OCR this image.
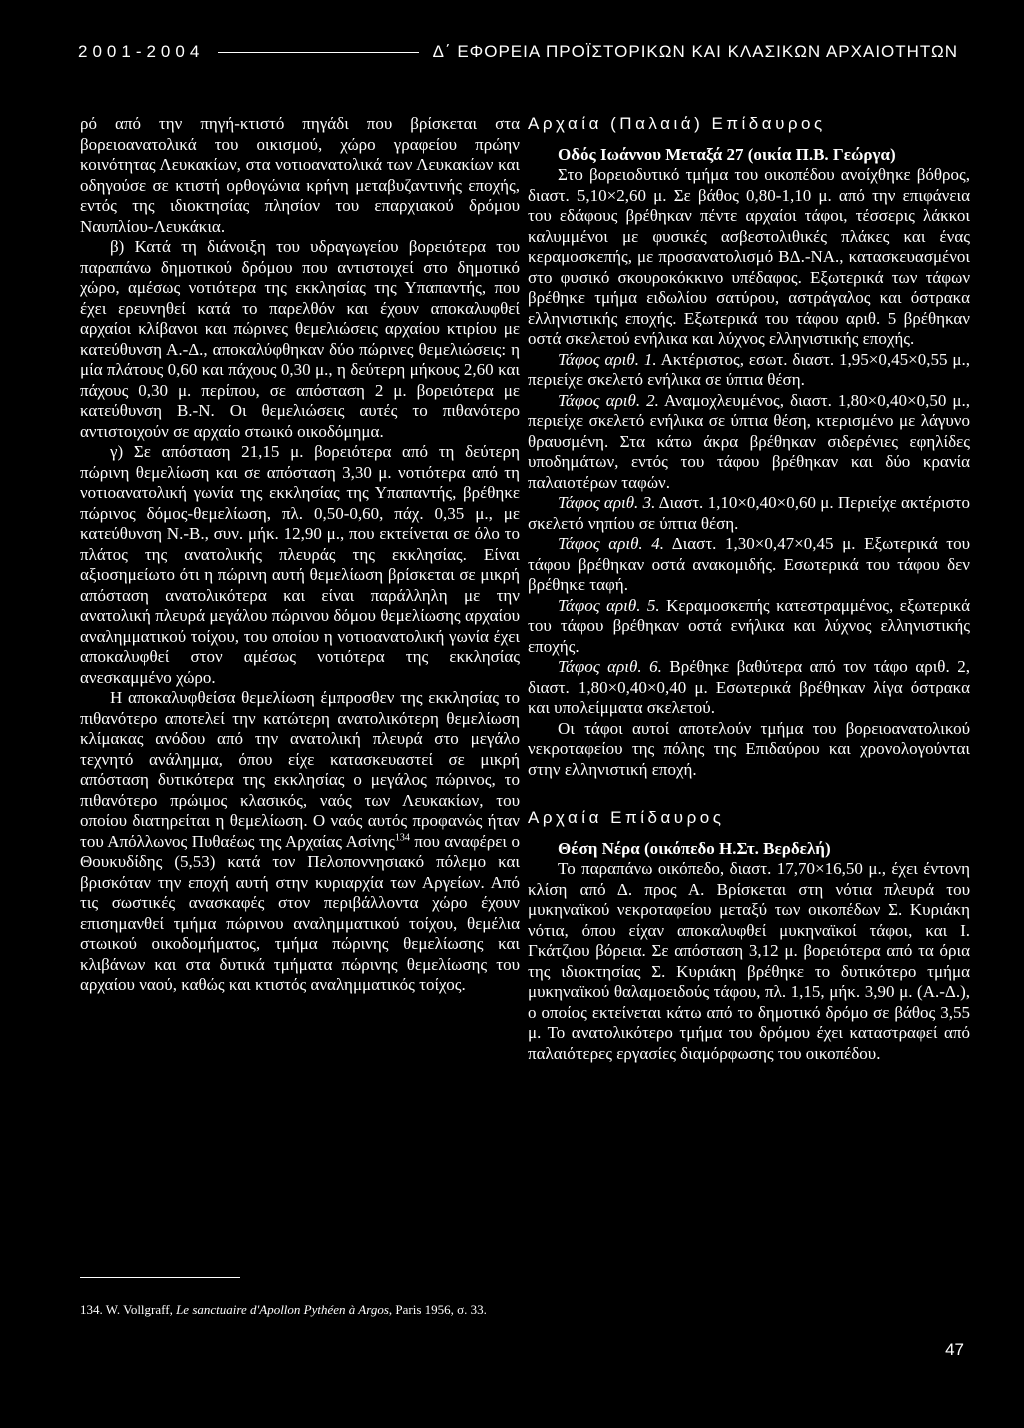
2001-2004	Δ΄ ΕΦΟΡΕΙΑ ΠΡΟΪΣΤΟΡΙΚΩΝ ΚΑΙ ΚΛΑΣΙΚΩΝ ΑΡΧΑΙΟΤΗΤΩΝ

ρό από την πηγή-κτιστό πηγάδι που βρίσκεται στα βορειοανατολικά του οικισμού, χώρο γραφείου πρώην κοινότητας Λευκακίων, στα νοτιοανατολικά των Λευκακίων και οδηγούσε σε κτιστή ορθογώνια κρήνη μεταβυζαντινής εποχής, εντός της ιδιοκτησίας πλησίον του επαρχιακού δρόμου Ναυπλίου-Λευκάκια.

β) Κατά τη διάνοιξη του υδραγωγείου βορειότερα του παραπάνω δημοτικού δρόμου που αντιστοιχεί στο δημοτικό χώρο, αμέσως νοτιότερα της εκκλησίας της Υπαπαντής, που έχει ερευνηθεί κατά το παρελθόν και έχουν αποκαλυφθεί αρχαίοι κλίβανοι και πώρινες θεμελιώσεις αρχαίου κτιρίου με κατεύθυνση Α.-Δ., αποκαλύφθηκαν δύο πώρινες θεμελιώσεις: η μία πλάτους 0,60 και πάχους 0,30 μ., η δεύτερη μήκους 2,60 και πάχους 0,30 μ. περίπου, σε απόσταση 2 μ. βορειότερα με κατεύθυνση Β.-Ν. Οι θεμελιώσεις αυτές το πιθανότερο αντιστοιχούν σε αρχαίο στωικό οικοδόμημα.

γ) Σε απόσταση 21,15 μ. βορειότερα από τη δεύτερη πώρινη θεμελίωση και σε απόσταση 3,30 μ. νοτιότερα από τη νοτιοανατολική γωνία της εκκλησίας της Υπαπαντής, βρέθηκε πώρινος δόμος-θεμελίωση, πλ. 0,50-0,60, πάχ. 0,35 μ., με κατεύθυνση Ν.-Β., συν. μήκ. 12,90 μ., που εκτείνεται σε όλο το πλάτος της ανατολικής πλευράς της εκκλησίας. Είναι αξιοσημείωτο ότι η πώρινη αυτή θεμελίωση βρίσκεται σε μικρή απόσταση ανατολικότερα και είναι παράλληλη με την ανατολική πλευρά μεγάλου πώρινου δόμου θεμελίωσης αρχαίου αναλημματικού τοίχου, του οποίου η νοτιοανατολική γωνία έχει αποκαλυφθεί στον αμέσως νοτιότερα της εκκλησίας ανεσκαμμένο χώρο.

Η αποκαλυφθείσα θεμελίωση έμπροσθεν της εκκλησίας το πιθανότερο αποτελεί την κατώτερη ανατολικότερη θεμελίωση κλίμακας ανόδου από την ανατολική πλευρά στο μεγάλο τεχνητό ανάλημμα, όπου είχε κατασκευαστεί σε μικρή απόσταση δυτικότερα της εκκλησίας ο μεγάλος πώρινος, το πιθανότερο πρώιμος κλασικός, ναός των Λευκακίων, του οποίου διατηρείται η θεμελίωση. Ο ναός αυτός προφανώς ήταν του Απόλλωνος Πυθαέως της Αρχαίας Ασίνης$^{134}$ που αναφέρει ο Θουκυδίδης (5,53) κατά τον Πελοποννησιακό πόλεμο και βρισκόταν την εποχή αυτή στην κυριαρχία των Αργείων. Από τις σωστικές ανασκαφές στον περιβάλλοντα χώρο έχουν επισημανθεί τμήμα πώρινου αναλημματικού τοίχου, θεμέλια στωικού οικοδομήματος, τμήμα πώρινης θεμελίωσης και κλιβάνων και στα δυτικά τμήματα πώρινης θεμελίωσης του αρχαίου ναού, καθώς και κτιστός αναλημματικός τοίχος.

134. W. Vollgraff, Le sanctuaire d'Apollon Pythéen à Argos, Paris 1956, σ. 33.
Αρχαία (Παλαιά) Επίδαυρος

Οδός Ιωάννου Μεταξά 27 (οικία Π.Β. Γεώργα)

Στο βορειοδυτικό τμήμα του οικοπέδου ανοίχθηκε βόθρος, διαστ. 5,10×2,60 μ. Σε βάθος 0,80-1,10 μ. από την επιφάνεια του εδάφους βρέθηκαν πέντε αρχαίοι τάφοι, τέσσερις λάκκοι καλυμμένοι με φυσικές ασβεστολιθικές πλάκες και ένας κεραμοσκεπής, με προσανατολισμό ΒΔ.-ΝΑ., κατασκευασμένοι στο φυσικό σκουροκόκκινο υπέδαφος. Εξωτερικά των τάφων βρέθηκε τμήμα ειδωλίου σατύρου, αστράγαλος και όστρακα ελληνιστικής εποχής. Εξωτερικά του τάφου αριθ. 5 βρέθηκαν οστά σκελετού ενήλικα και λύχνος ελληνιστικής εποχής.

Τάφος αριθ. 1. Ακτέριστος, εσωτ. διαστ. 1,95×0,45×0,55 μ., περιείχε σκελετό ενήλικα σε ύπτια θέση.

Τάφος αριθ. 2. Αναμοχλευμένος, διαστ. 1,80×0,40×0,50 μ., περιείχε σκελετό ενήλικα σε ύπτια θέση, κτερισμένο με λάγυνο θραυσμένη. Στα κάτω άκρα βρέθηκαν σιδερένιες εφηλίδες υποδημάτων, εντός του τάφου βρέθηκαν και δύο κρανία παλαιοτέρων ταφών.

Τάφος αριθ. 3. Διαστ. 1,10×0,40×0,60 μ. Περιείχε ακτέριστο σκελετό νηπίου σε ύπτια θέση.

Τάφος αριθ. 4. Διαστ. 1,30×0,47×0,45 μ. Εξωτερικά του τάφου βρέθηκαν οστά ανακομιδής. Εσωτερικά του τάφου δεν βρέθηκε ταφή.

Τάφος αριθ. 5. Κεραμοσκεπής κατεστραμμένος, εξωτερικά του τάφου βρέθηκαν οστά ενήλικα και λύχνος ελληνιστικής εποχής.

Τάφος αριθ. 6. Βρέθηκε βαθύτερα από τον τάφο αριθ. 2, διαστ. 1,80×0,40×0,40 μ. Εσωτερικά βρέθηκαν λίγα όστρακα και υπολείμματα σκελετού.

Οι τάφοι αυτοί αποτελούν τμήμα του βορειοανατολικού νεκροταφείου της πόλης της Επιδαύρου και χρονολογούνται στην ελληνιστική εποχή.

Αρχαία Επίδαυρος

Θέση Νέρα (οικόπεδο Η.Στ. Βερδελή)

Το παραπάνω οικόπεδο, διαστ. 17,70×16,50 μ., έχει έντονη κλίση από Δ. προς Α. Βρίσκεται στη νότια πλευρά του μυκηναϊκού νεκροταφείου μεταξύ των οικοπέδων Σ. Κυριάκη νότια, όπου είχαν αποκαλυφθεί μυκηναϊκοί τάφοι, και Ι. Γκάτζιου βόρεια. Σε απόσταση 3,12 μ. βορειότερα από τα όρια της ιδιοκτησίας Σ. Κυριάκη βρέθηκε το δυτικότερο τμήμα μυκηναϊκού θαλαμοειδούς τάφου, πλ. 1,15, μήκ. 3,90 μ. (Α.-Δ.), ο οποίος εκτείνεται κάτω από το δημοτικό δρόμο σε βάθος 3,55 μ. Το ανατολικότερο τμήμα του δρόμου έχει καταστραφεί από παλαιότερες εργασίες διαμόρφωσης του οικοπέδου.

47
